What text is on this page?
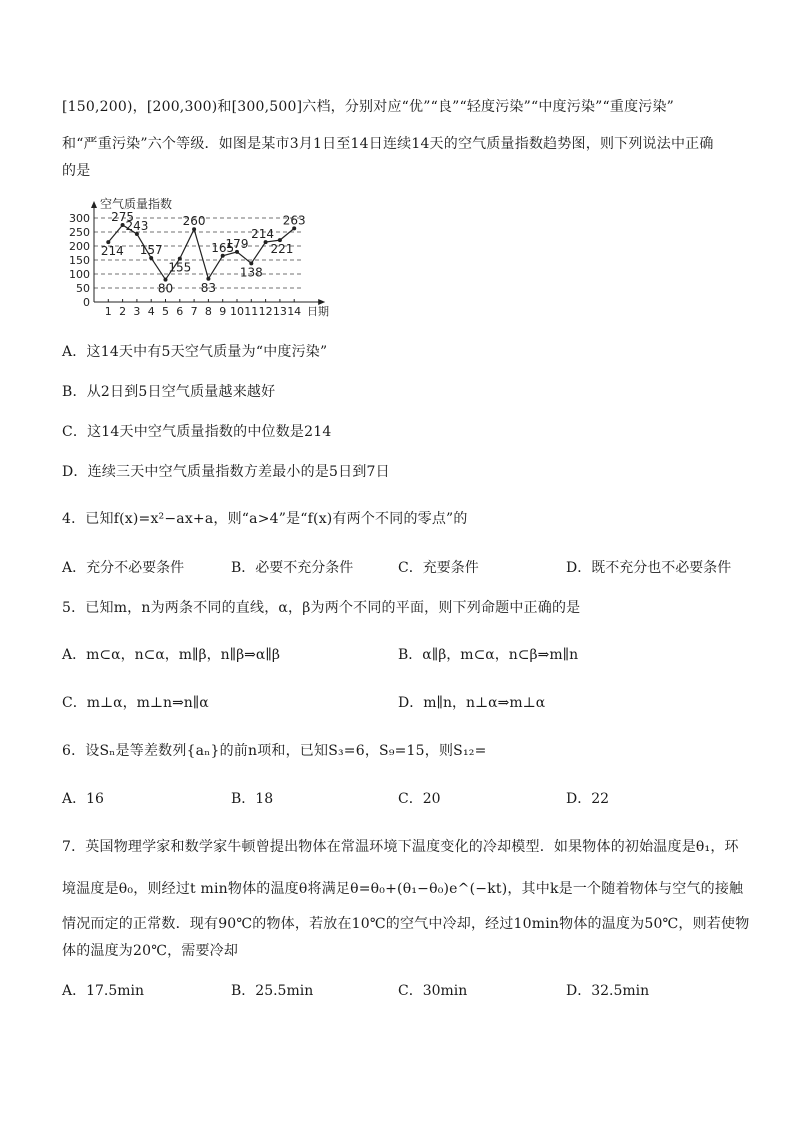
[150,200)，[200,300)和[300,500]六档，分别对应“优”“良”“轻度污染”“中度污染”“重度污染”
和“严重污染”六个等级．如图是某市3月1日至14日连续14天的空气质量指数趋势图，则下列说法中正确
的是
0
50
100
150
200
250
300
1 2 3 4 5 6 7 8 9 10 11 12 13 14
214
275
243
157
80
155
260
83
165
179
138
214
221
263
空气质量指数
日期
A．这14天中有5天空气质量为“中度污染”
B．从2日到5日空气质量越来越好
C．这14天中空气质量指数的中位数是214
D．连续三天中空气质量指数方差最小的是5日到7日
4．已知f(x)=x²−ax+a，则“a>4”是“f(x)有两个不同的零点”的
A．充分不必要条件	B．必要不充分条件	C．充要条件	D．既不充分也不必要条件
5．已知m，n为两条不同的直线，α，β为两个不同的平面，则下列命题中正确的是
A．m⊂α，n⊂α，m∥β，n∥β⇒α∥β	B．α∥β，m⊂α，n⊂β⇒m∥n
C．m⊥α，m⊥n⇒n∥α	D．m∥n，n⊥α⇒m⊥α
6．设Sₙ是等差数列{aₙ}的前n项和，已知S₃=6，S₉=15，则S₁₂=
A．16	B．18	C．20	D．22
7．英国物理学家和数学家牛顿曾提出物体在常温环境下温度变化的冷却模型．如果物体的初始温度是θ₁，环
境温度是θ₀，则经过t min物体的温度θ将满足θ=θ₀+(θ₁−θ₀)e^(−kt)，其中k是一个随着物体与空气的接触
情况而定的正常数．现有90℃的物体，若放在10℃的空气中冷却，经过10min物体的温度为50℃，则若使物
体的温度为20℃，需要冷却
A．17.5min	B．25.5min	C．30min	D．32.5min
